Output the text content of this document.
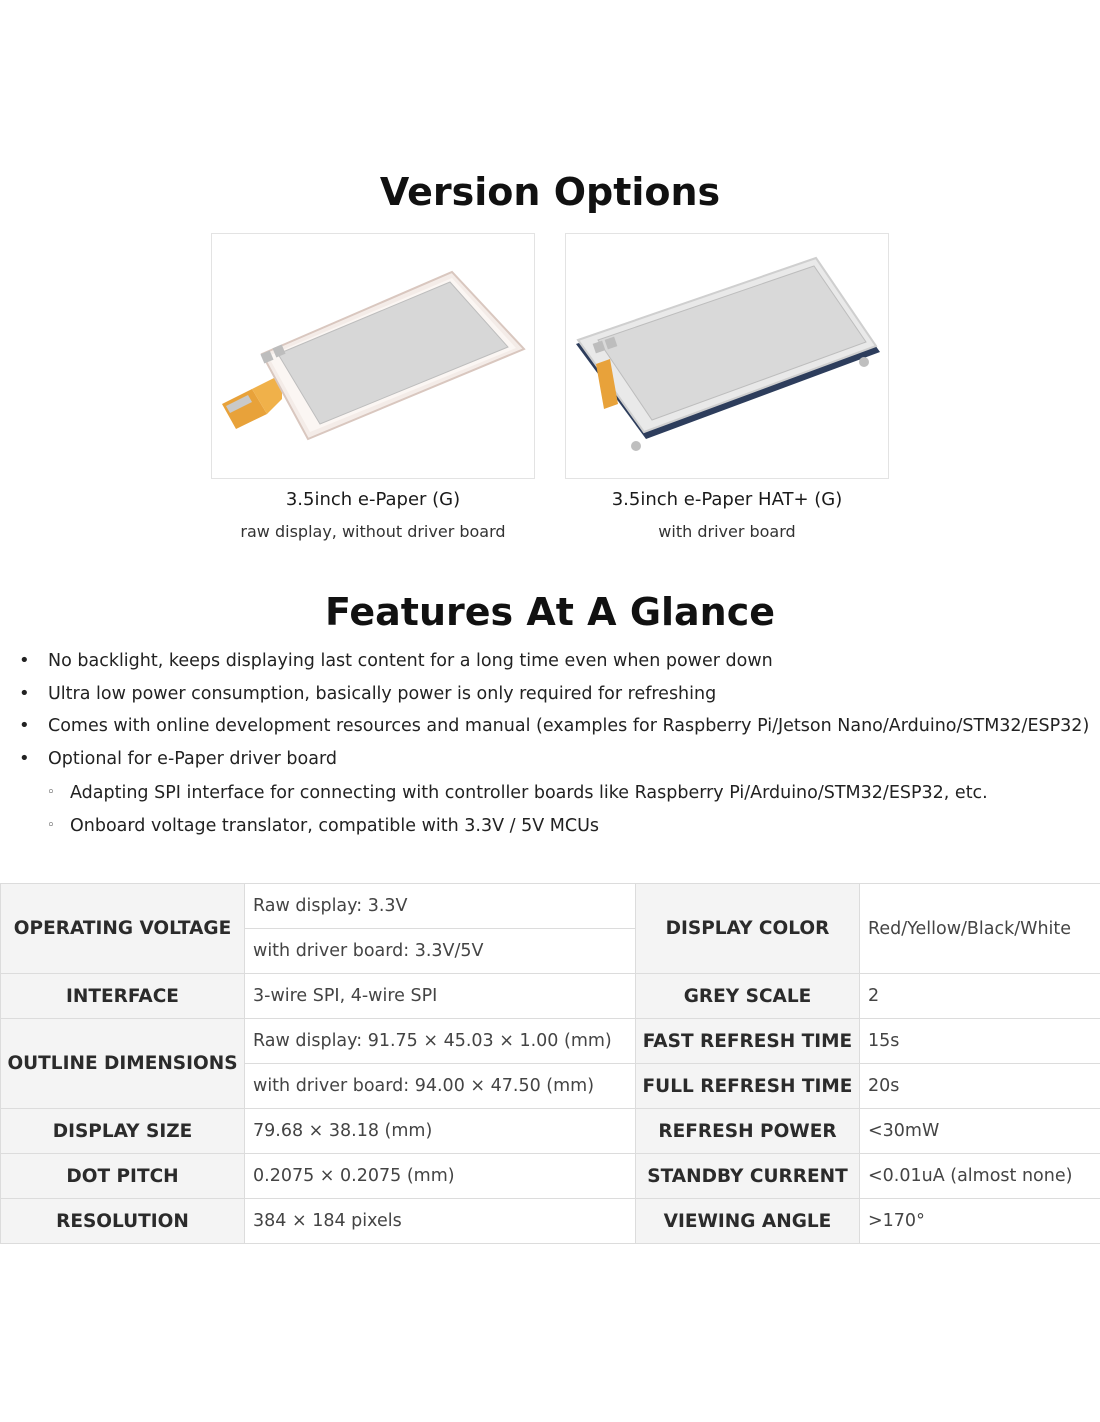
Version Options
3.5inch e-Paper (G)
raw display, without driver board
3.5inch e-Paper HAT+ (G)
with driver board
Features At A Glance
• No backlight, keeps displaying last content for a long time even when power down
• Ultra low power consumption, basically power is only required for refreshing
• Comes with online development resources and manual (examples for Raspberry Pi/Jetson Nano/Arduino/STM32/ESP32)
• Optional for e-Paper driver board
◦ Adapting SPI interface for connecting with controller boards like Raspberry Pi/Arduino/STM32/ESP32, etc.
◦ Onboard voltage translator, compatible with 3.3V / 5V MCUs
OPERATING VOLTAGE	Raw display: 3.3V	DISPLAY COLOR	Red/Yellow/Black/White
	with driver board: 3.3V/5V		
INTERFACE	3-wire SPI, 4-wire SPI	GREY SCALE	2
OUTLINE DIMENSIONS	Raw display: 91.75 × 45.03 × 1.00 (mm)	FAST REFRESH TIME	15s
	with driver board: 94.00 × 47.50 (mm)	FULL REFRESH TIME	20s
DISPLAY SIZE	79.68 × 38.18 (mm)	REFRESH POWER	<30mW
DOT PITCH	0.2075 × 0.2075 (mm)	STANDBY CURRENT	<0.01uA (almost none)
RESOLUTION	384 × 184 pixels	VIEWING ANGLE	>170°
